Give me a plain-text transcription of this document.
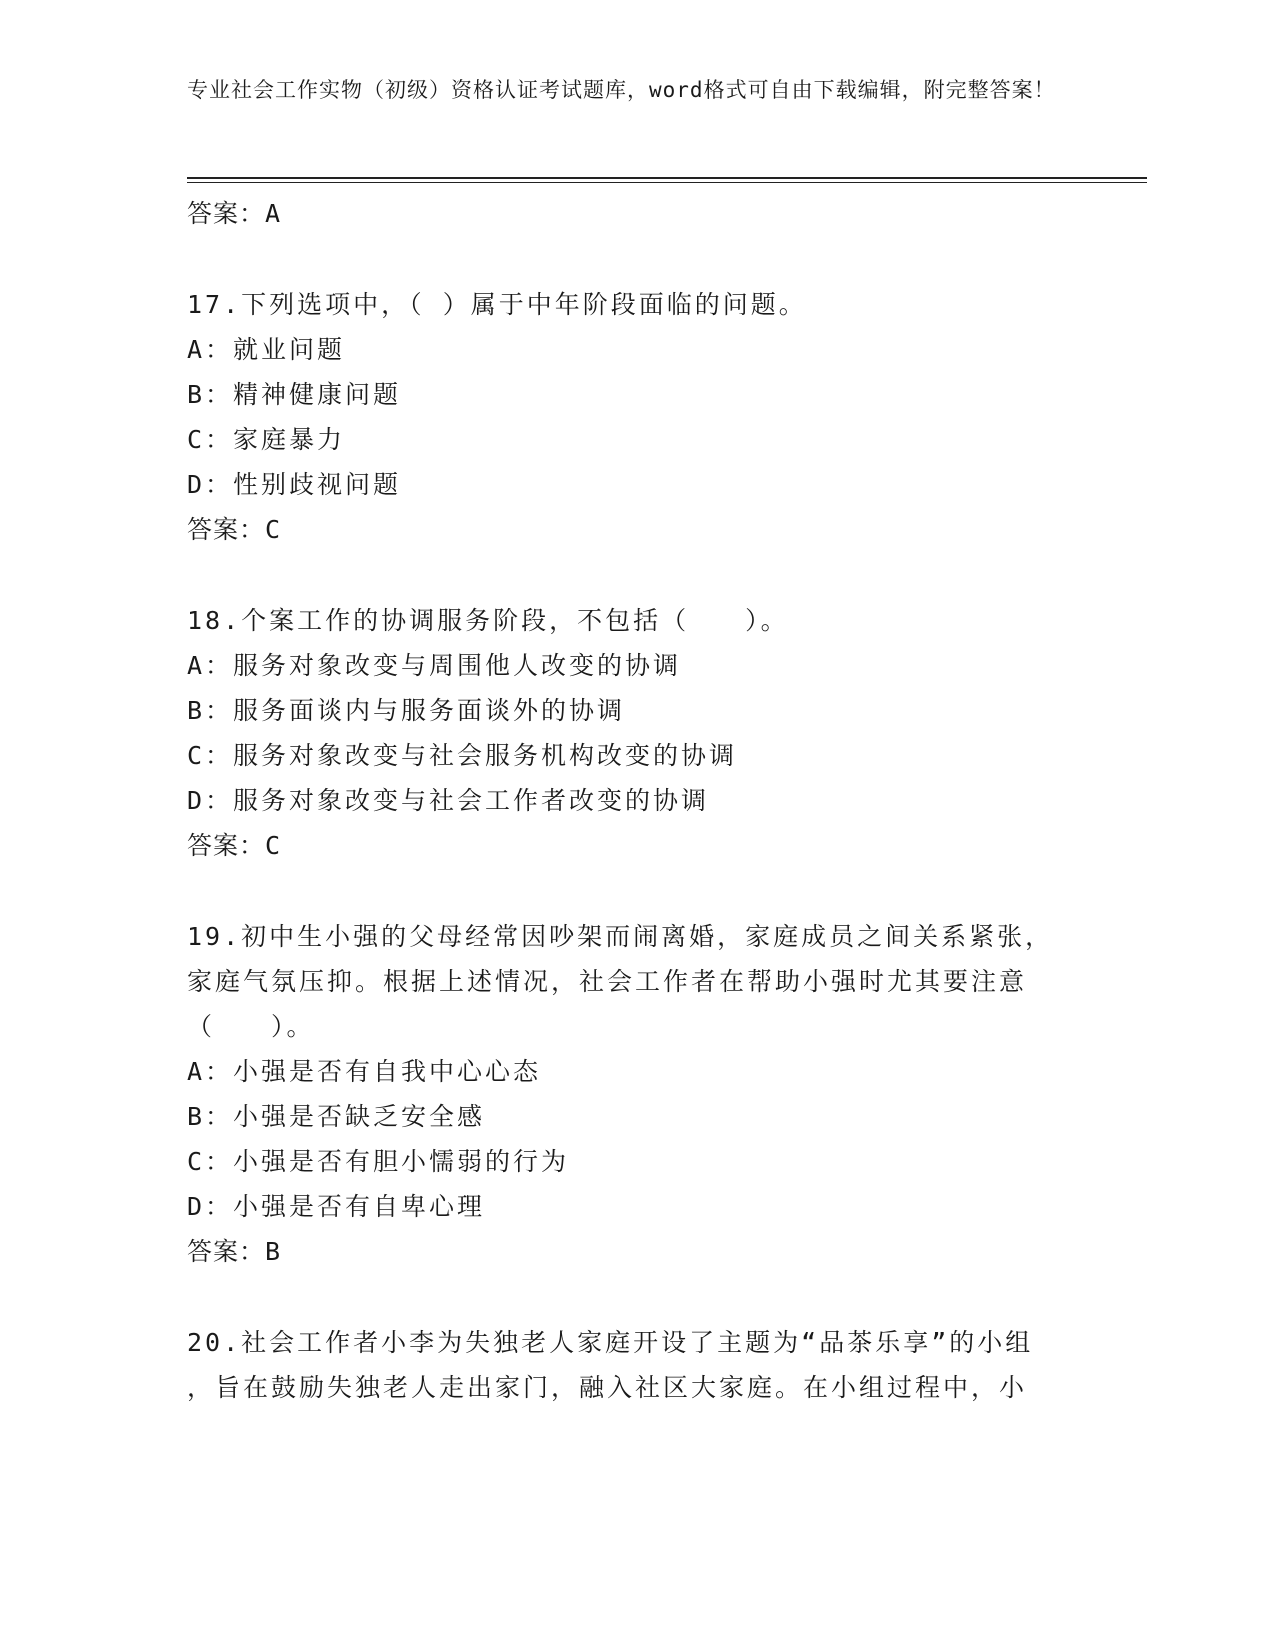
专业社会工作实物（初级）资格认证考试题库，word格式可自由下载编辑，附完整答案！
答案：A
17.下列选项中，（ ）属于中年阶段面临的问题。
A：就业问题
B：精神健康问题
C：家庭暴力
D：性别歧视问题
答案：C
18.个案工作的协调服务阶段，不包括（　　）。
A：服务对象改变与周围他人改变的协调
B：服务面谈内与服务面谈外的协调
C：服务对象改变与社会服务机构改变的协调
D：服务对象改变与社会工作者改变的协调
答案：C
19.初中生小强的父母经常因吵架而闹离婚，家庭成员之间关系紧张，
家庭气氛压抑。根据上述情况，社会工作者在帮助小强时尤其要注意
（　　）。
A：小强是否有自我中心心态
B：小强是否缺乏安全感
C：小强是否有胆小懦弱的行为
D：小强是否有自卑心理
答案：B
20.社会工作者小李为失独老人家庭开设了主题为“品茶乐享”的小组
，旨在鼓励失独老人走出家门，融入社区大家庭。在小组过程中，小
